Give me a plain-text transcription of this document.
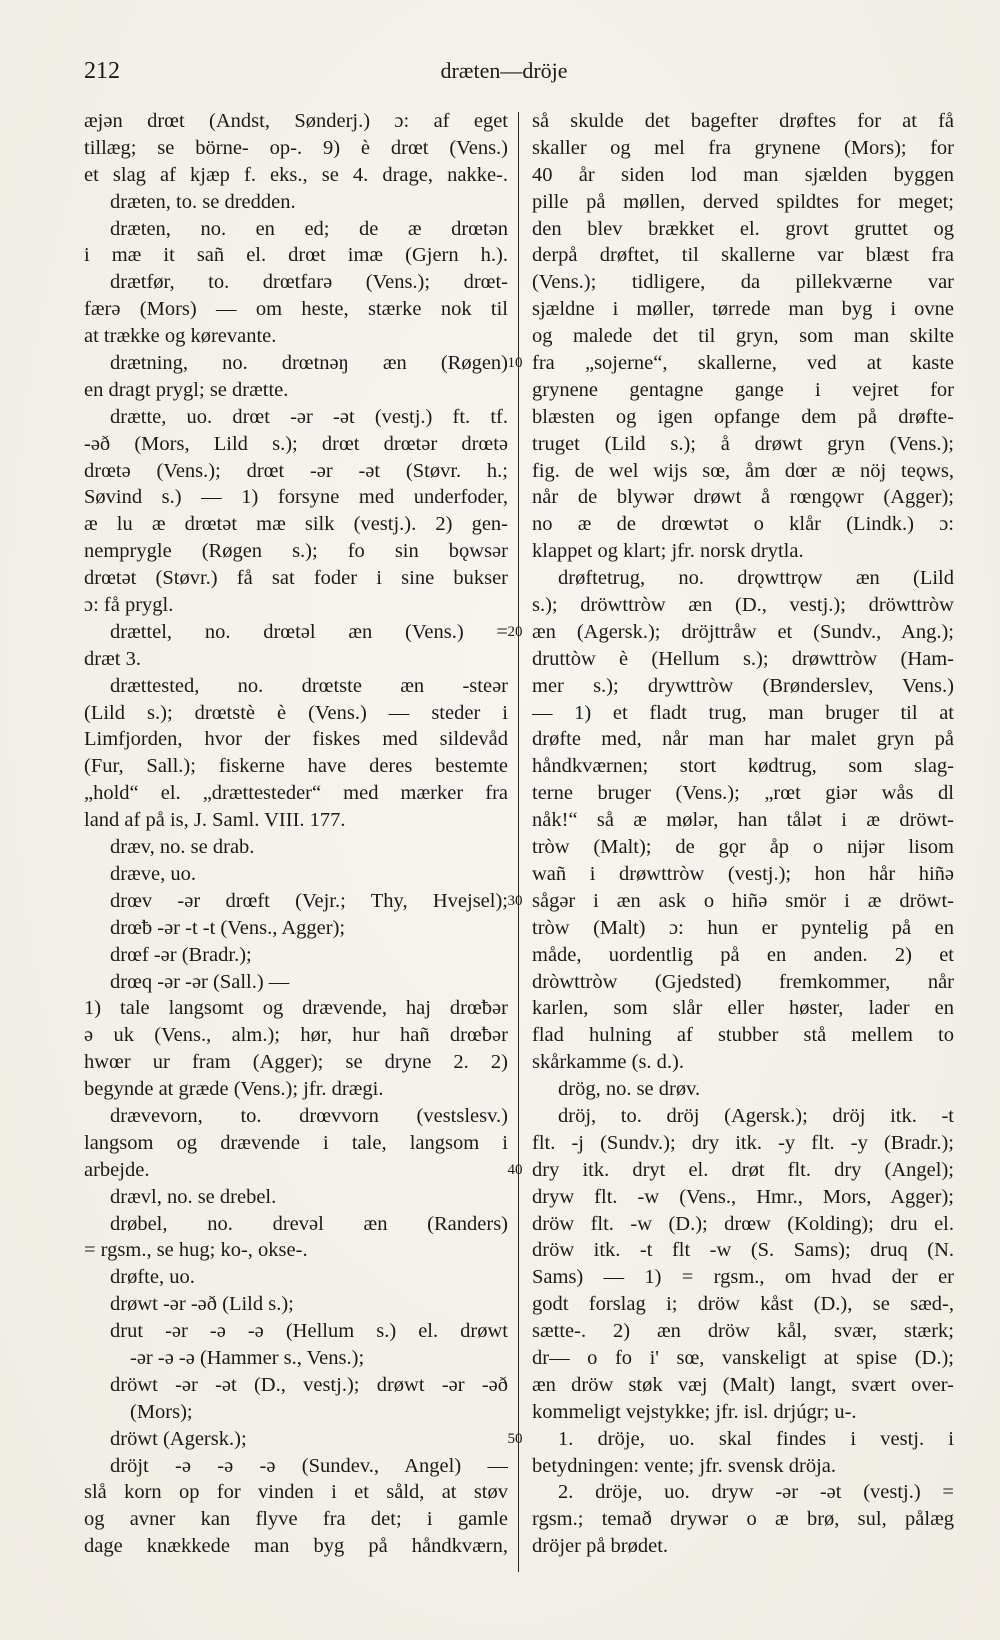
212	dræten—dröje
æjən drœt (Andst, Sønderj.) ɔ: af eget
tillæg; se börne- op-. 9) è drœt (Vens.)
et slag af kjæp f. eks., se 4. drage, nakke-.
dræten, to. se dredden.
dræten, no. en ed; de æ drœtən
i mæ it sañ el. drœt imæ (Gjern h.).
drætfør, to. drœtfarə (Vens.); drœt-
færə (Mors) — om heste, stærke nok til
at trække og kørevante.
drætning, no. drœtnəŋ æn (Røgen)
en dragt prygl; se drætte.
drætte, uo. drœt -ər -ət (vestj.) ft. tf.
-əð (Mors, Lild s.); drœt drœtər drœtə
drœtə (Vens.); drœt -ər -ət (Støvr. h.;
Søvind s.) — 1) forsyne med underfoder,
æ lu æ drœtət mæ silk (vestj.). 2) gen-
nemprygle (Røgen s.); fo sin bǫwsər
drœtət (Støvr.) få sat foder i sine bukser
ɔ: få prygl.
drættel, no. drœtəl æn (Vens.) =
dræt 3.
drættested, no. drœtste æn -steər
(Lild s.); drœtstè è (Vens.) — steder i
Limfjorden, hvor der fiskes med sildevåd
(Fur, Sall.); fiskerne have deres bestemte
„hold“ el. „drættesteder“ med mærker fra
land af på is, J. Saml. VIII. 177.
dræv, no. se drab.
dræve, uo.
drœv -ər drœft (Vejr.; Thy, Hvejsel);
drœƀ -ər -t -t (Vens., Agger);
drœf -ər (Bradr.);
drœq -ər -ər (Sall.) —
1) tale langsomt og drævende, haj drœƀər
ə uk (Vens., alm.); hør, hur hañ drœƀər
hwœr ur fram (Agger); se dryne 2. 2)
begynde at græde (Vens.); jfr. drægi.
drævevorn, to. drœvvorn (vestslesv.)
langsom og drævende i tale, langsom i
arbejde.
drævl, no. se drebel.
drøbel, no. drevəl æn (Randers)
= rgsm., se hug; ko-, okse-.
drøfte, uo.
drøwt -ər -əð (Lild s.);
drut -ər -ə -ə (Hellum s.) el. drøwt
-ər -ə -ə (Hammer s., Vens.);
dröwt -ər -ət (D., vestj.); drøwt -ər -əð
(Mors);
dröwt (Agersk.);
dröjt -ə -ə -ə (Sundev., Angel) —
slå korn op for vinden i et såld, at støv
og avner kan flyve fra det; i gamle
dage knækkede man byg på håndkværn,
10
20
30
40
50
så skulde det bagefter drøftes for at få
skaller og mel fra grynene (Mors); for
40 år siden lod man sjælden byggen
pille på møllen, derved spildtes for meget;
den blev brækket el. grovt gruttet og
derpå drøftet, til skallerne var blæst fra
(Vens.); tidligere, da pillekværne var
sjældne i møller, tørrede man byg i ovne
og malede det til gryn, som man skilte
fra „sojerne“, skallerne, ved at kaste
grynene gentagne gange i vejret for
blæsten og igen opfange dem på drøfte-
truget (Lild s.); å drøwt gryn (Vens.);
fig. de wel wijs sœ, åm dœr æ nöj teǫws,
når de blywər drøwt å rœngǫwr (Agger);
no æ de drœwtət o klår (Lindk.) ɔ:
klappet og klart; jfr. norsk drytla.
drøftetrug, no. drǫwttrǫw æn (Lild
s.); dröwttròw æn (D., vestj.); dröwttròw
æn (Agersk.); dröjttråw et (Sundv., Ang.);
druttòw è (Hellum s.); drøwttròw (Ham-
mer s.); drywttròw (Brønderslev, Vens.)
— 1) et fladt trug, man bruger til at
drøfte med, når man har malet gryn på
håndkværnen; stort kødtrug, som slag-
terne bruger (Vens.); „rœt giər wås dl
nåk!“ så æ mølər, han tålət i æ dröwt-
tròw (Malt); de gǫr åp o nijər lisom
wañ i drøwttròw (vestj.); hon hår hiñə
sågər i æn ask o hiñə smör i æ dröwt-
tròw (Malt) ɔ: hun er pyntelig på en
måde, uordentlig på en anden. 2) et
dròwttròw (Gjedsted) fremkommer, når
karlen, som slår eller høster, lader en
flad hulning af stubber stå mellem to
skårkamme (s. d.).
drög, no. se drøv.
dröj, to. dröj (Agersk.); dröj itk. -t
flt. -j (Sundv.); dry itk. -y flt. -y (Bradr.);
dry itk. dryt el. drøt flt. dry (Angel);
dryw flt. -w (Vens., Hmr., Mors, Agger);
dröw flt. -w (D.); drœw (Kolding); dru el.
dröw itk. -t flt -w (S. Sams); druq (N.
Sams) — 1) = rgsm., om hvad der er
godt forslag i; dröw kåst (D.), se sæd-,
sætte-. 2) æn dröw kål, svær, stærk;
dr— o fo i' sœ, vanskeligt at spise (D.);
æn dröw støk væj (Malt) langt, svært over-
kommeligt vejstykke; jfr. isl. drjúgr; u-.
1. dröje, uo. skal findes i vestj. i
betydningen: vente; jfr. svensk dröja.
2. dröje, uo. dryw -ər -ət (vestj.) =
rgsm.; temað drywər o æ brø, sul, pålæg
dröjer på brødet.
